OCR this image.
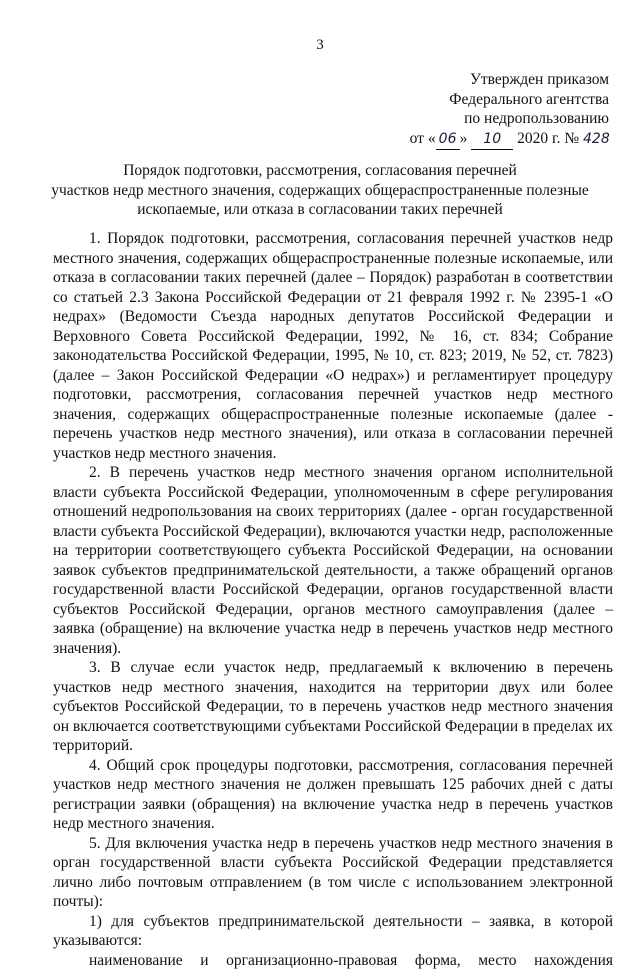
3
Утвержден приказом
Федерального агентства
по недропользованию
от « 06 » 10 2020 г. № 428
Порядок подготовки, рассмотрения, согласования перечней
участков недр местного значения, содержащих общераспространенные полезные
ископаемые, или отказа в согласовании таких перечней

1. Порядок подготовки, рассмотрения, согласования перечней участков недр местного значения, содержащих общераспространенные полезные ископаемые, или отказа в согласовании таких перечней (далее – Порядок) разработан в соответствии со статьей 2.3 Закона Российской Федерации от 21 февраля 1992 г. № 2395-1 «О недрах» (Ведомости Съезда народных депутатов Российской Федерации и Верховного Совета Российской Федерации, 1992, № 16, ст. 834; Собрание законодательства Российской Федерации, 1995, № 10, ст. 823; 2019, № 52, ст. 7823) (далее – Закон Российской Федерации «О недрах») и регламентирует процедуру подготовки, рассмотрения, согласования перечней участков недр местного значения, содержащих общераспространенные полезные ископаемые (далее - перечень участков недр местного значения), или отказа в согласовании перечней участков недр местного значения.

2. В перечень участков недр местного значения органом исполнительной власти субъекта Российской Федерации, уполномоченным в сфере регулирования отношений недропользования на своих территориях (далее - орган государственной власти субъекта Российской Федерации), включаются участки недр, расположенные на территории соответствующего субъекта Российской Федерации, на основании заявок субъектов предпринимательской деятельности, а также обращений органов государственной власти Российской Федерации, органов государственной власти субъектов Российской Федерации, органов местного самоуправления (далее – заявка (обращение) на включение участка недр в перечень участков недр местного значения).

3. В случае если участок недр, предлагаемый к включению в перечень участков недр местного значения, находится на территории двух или более субъектов Российской Федерации, то в перечень участков недр местного значения он включается соответствующими субъектами Российской Федерации в пределах их территорий.

4. Общий срок процедуры подготовки, рассмотрения, согласования перечней участков недр местного значения не должен превышать 125 рабочих дней с даты регистрации заявки (обращения) на включение участка недр в перечень участков недр местного значения.

5. Для включения участка недр в перечень участков недр местного значения в орган государственной власти субъекта Российской Федерации представляется лично либо почтовым отправлением (в том числе с использованием электронной почты):

1) для субъектов предпринимательской деятельности – заявка, в которой указываются:

наименование и организационно-правовая форма, место нахождения
